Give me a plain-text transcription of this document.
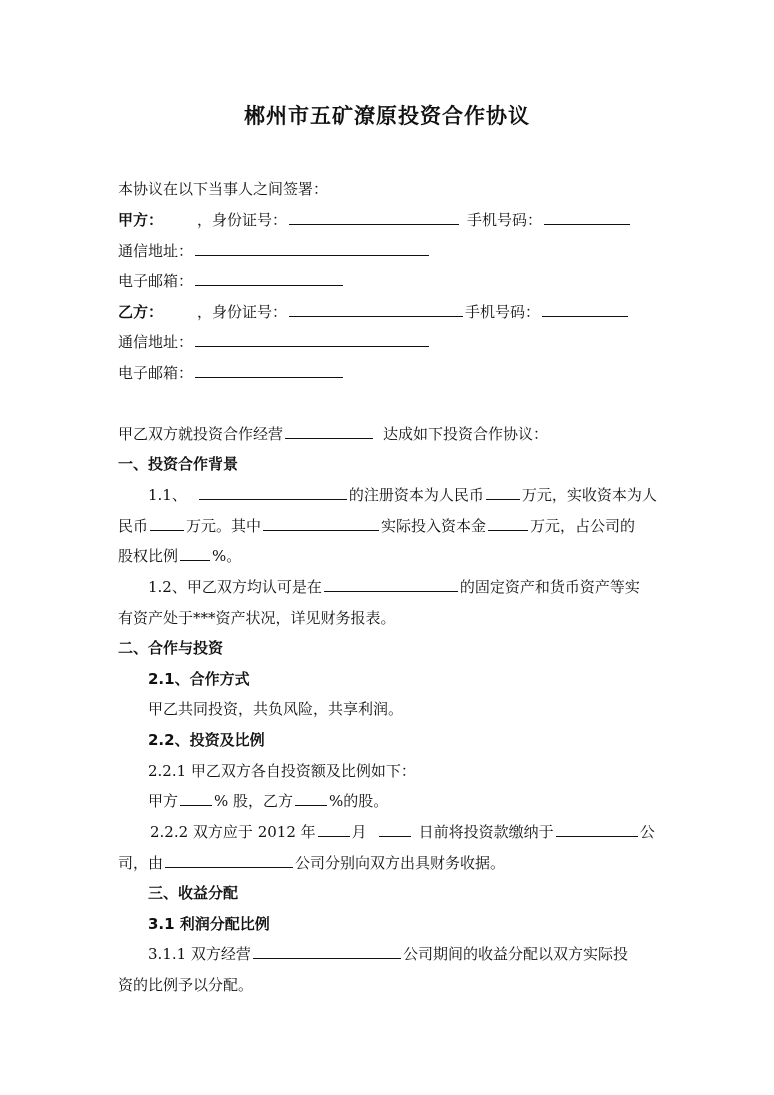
郴州市五矿潦原投资合作协议
本协议在以下当事人之间签署：
甲方： ，身份证号：	手机号码：
通信地址：
电子邮箱：
乙方： ，身份证号：	手机号码：
通信地址：
电子邮箱：
甲乙双方就投资合作经营	达成如下投资合作协议：
一、投资合作背景
1.1、	的注册资本为人民币	万元，实收资本为人
民币	万元。其中	实际投入资本金	万元，占公司的
股权比例 %。
1.2、甲乙双方均认可是在	的固定资产和货币资产等实
有资产处于***资产状况，详见财务报表。
二、合作与投资
2.1、合作方式
甲乙共同投资，共负风险，共享利润。
2.2、投资及比例
2.2.1 甲乙双方各自投资额及比例如下：
甲方 % 股，乙方 %的股。
2.2.2 双方应于 2012 年 月	日前将投资款缴纳于	公
司，由	公司分别向双方出具财务收据。
三、收益分配
3.1 利润分配比例
3.1.1 双方经营	公司期间的收益分配以双方实际投
资的比例予以分配。
